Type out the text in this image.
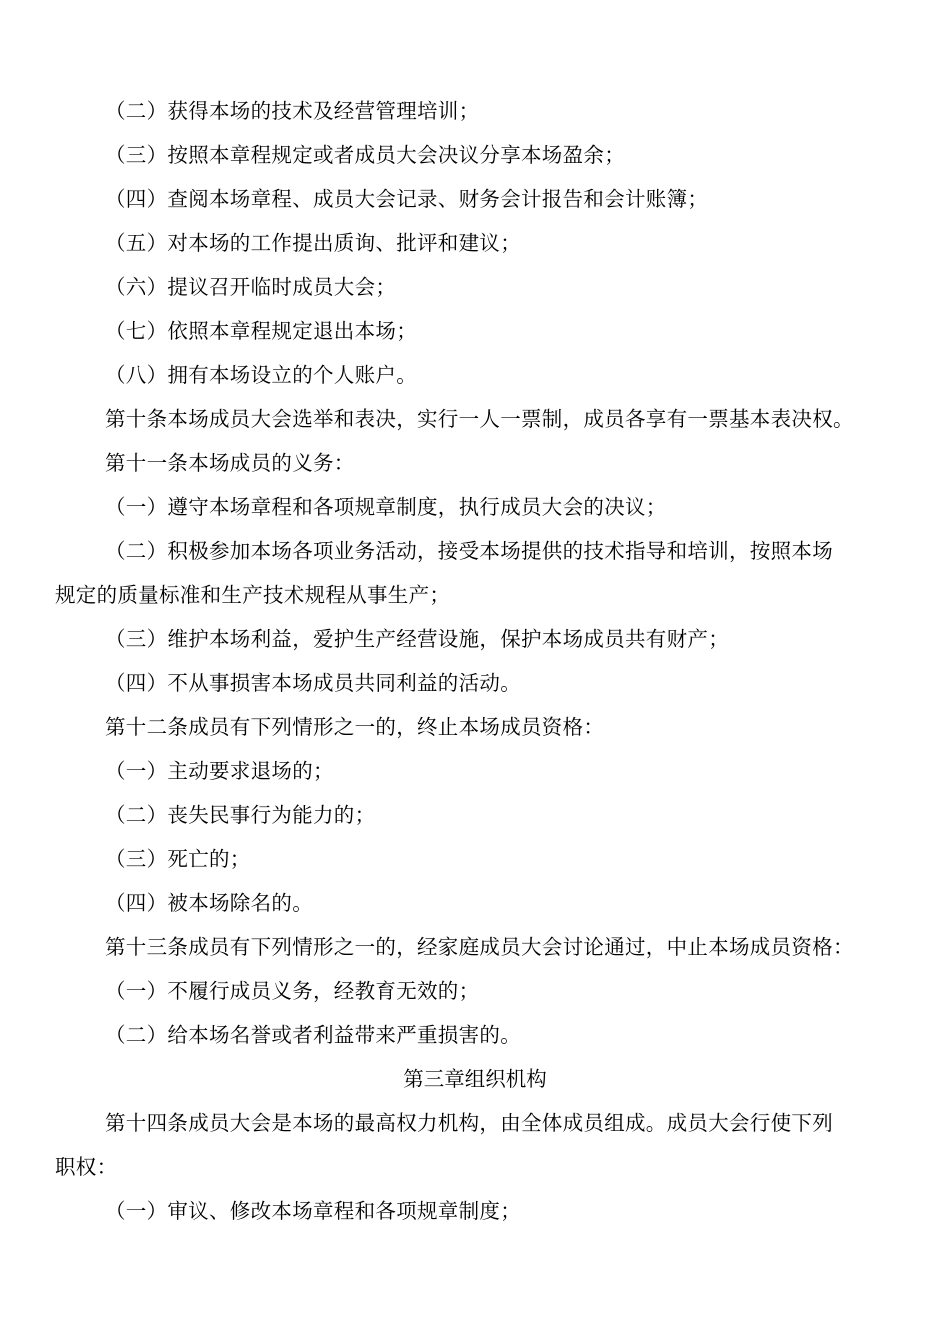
（二）获得本场的技术及经营管理培训；
（三）按照本章程规定或者成员大会决议分享本场盈余；
（四）查阅本场章程、成员大会记录、财务会计报告和会计账簿；
（五）对本场的工作提出质询、批评和建议；
（六）提议召开临时成员大会；
（七）依照本章程规定退出本场；
（八）拥有本场设立的个人账户。
第十条本场成员大会选举和表决，实行一人一票制，成员各享有一票基本表决权。
第十一条本场成员的义务：
（一）遵守本场章程和各项规章制度，执行成员大会的决议；
（二）积极参加本场各项业务活动，接受本场提供的技术指导和培训，按照本场
规定的质量标准和生产技术规程从事生产；
（三）维护本场利益，爱护生产经营设施，保护本场成员共有财产；
（四）不从事损害本场成员共同利益的活动。
第十二条成员有下列情形之一的，终止本场成员资格：
（一）主动要求退场的；
（二）丧失民事行为能力的；
（三）死亡的；
（四）被本场除名的。
第十三条成员有下列情形之一的，经家庭成员大会讨论通过，中止本场成员资格：
（一）不履行成员义务，经教育无效的；
（二）给本场名誉或者利益带来严重损害的。
第三章组织机构
第十四条成员大会是本场的最高权力机构，由全体成员组成。成员大会行使下列
职权：
（一）审议、修改本场章程和各项规章制度；
